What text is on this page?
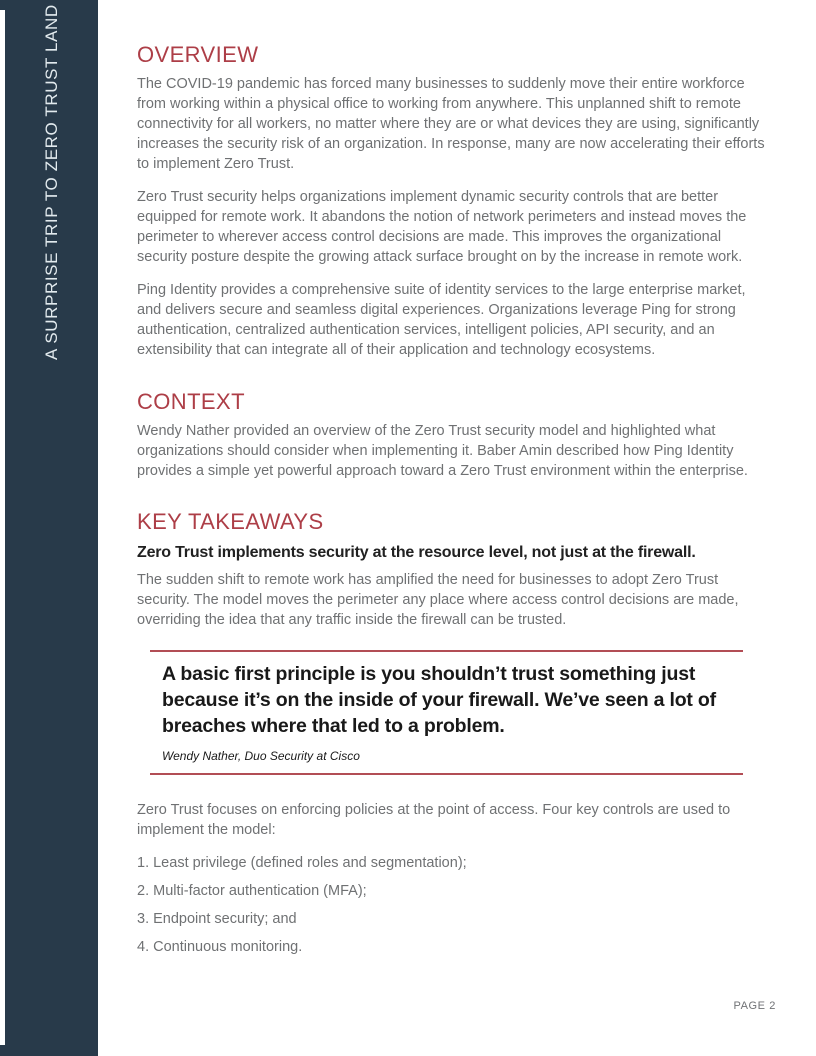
A SURPRISE TRIP TO ZERO TRUST LAND	OVERVIEW

The COVID-19 pandemic has forced many businesses to suddenly move their entire workforce from working within a physical office to working from anywhere. This unplanned shift to remote connectivity for all workers, no matter where they are or what devices they are using, significantly increases the security risk of an organization. In response, many are now accelerating their efforts to implement Zero Trust.

Zero Trust security helps organizations implement dynamic security controls that are better equipped for remote work. It abandons the notion of network perimeters and instead moves the perimeter to wherever access control decisions are made. This improves the organizational security posture despite the growing attack surface brought on by the increase in remote work.

Ping Identity provides a comprehensive suite of identity services to the large enterprise market, and delivers secure and seamless digital experiences. Organizations leverage Ping for strong authentication, centralized authentication services, intelligent policies, API security, and an extensibility that can integrate all of their application and technology ecosystems.

CONTEXT

Wendy Nather provided an overview of the Zero Trust security model and highlighted what organizations should consider when implementing it. Baber Amin described how Ping Identity provides a simple yet powerful approach toward a Zero Trust environment within the enterprise.

KEY TAKEAWAYS

Zero Trust implements security at the resource level, not just at the firewall.

The sudden shift to remote work has amplified the need for businesses to adopt Zero Trust security. The model moves the perimeter any place where access control decisions are made, overriding the idea that any traffic inside the firewall can be trusted.

A basic first principle is you shouldn’t trust something just because it’s on the inside of your firewall. We’ve seen a lot of breaches where that led to a problem.
Wendy Nather, Duo Security at Cisco

Zero Trust focuses on enforcing policies at the point of access. Four key controls are used to implement the model:

1. Least privilege (defined roles and segmentation);
2. Multi-factor authentication (MFA);
3. Endpoint security; and
4. Continuous monitoring.
PAGE 2
